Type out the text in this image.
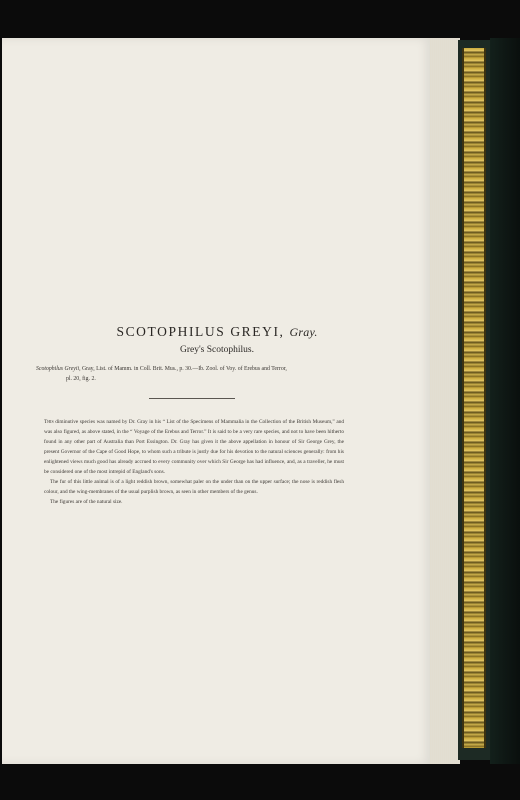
SCOTOPHILUS GREYI, Gray.
Grey's Scotophilus.
Scotophilus Greyii, Gray, List. of Mamm. in Coll. Brit. Mus., p. 30.—Ib. Zool. of Voy. of Erebus and Terror,
pl. 20, fig. 2.

This diminutive species was named by Dr. Gray in his “ List of the Specimens of Mammalia in the Collection of the British Museum,” and was also figured, as above stated, in the “ Voyage of the Erebus and Terror.” It is said to be a very rare species, and not to have been hitherto found in any other part of Australia than Port Essington. Dr. Gray has given it the above appellation in honour of Sir George Grey, the present Governor of the Cape of Good Hope, to whom such a tribute is justly due for his devotion to the natural sciences generally: from his enlightened views much good has already accrued to every community over which Sir George has had influence, and, as a traveller, he must be considered one of the most intrepid of England's sons.

The fur of this little animal is of a light reddish brown, somewhat paler on the under than on the upper surface; the nose is reddish flesh colour, and the wing-membranes of the usual purplish brown, as seen in other members of the genus.

The figures are of the natural size.
